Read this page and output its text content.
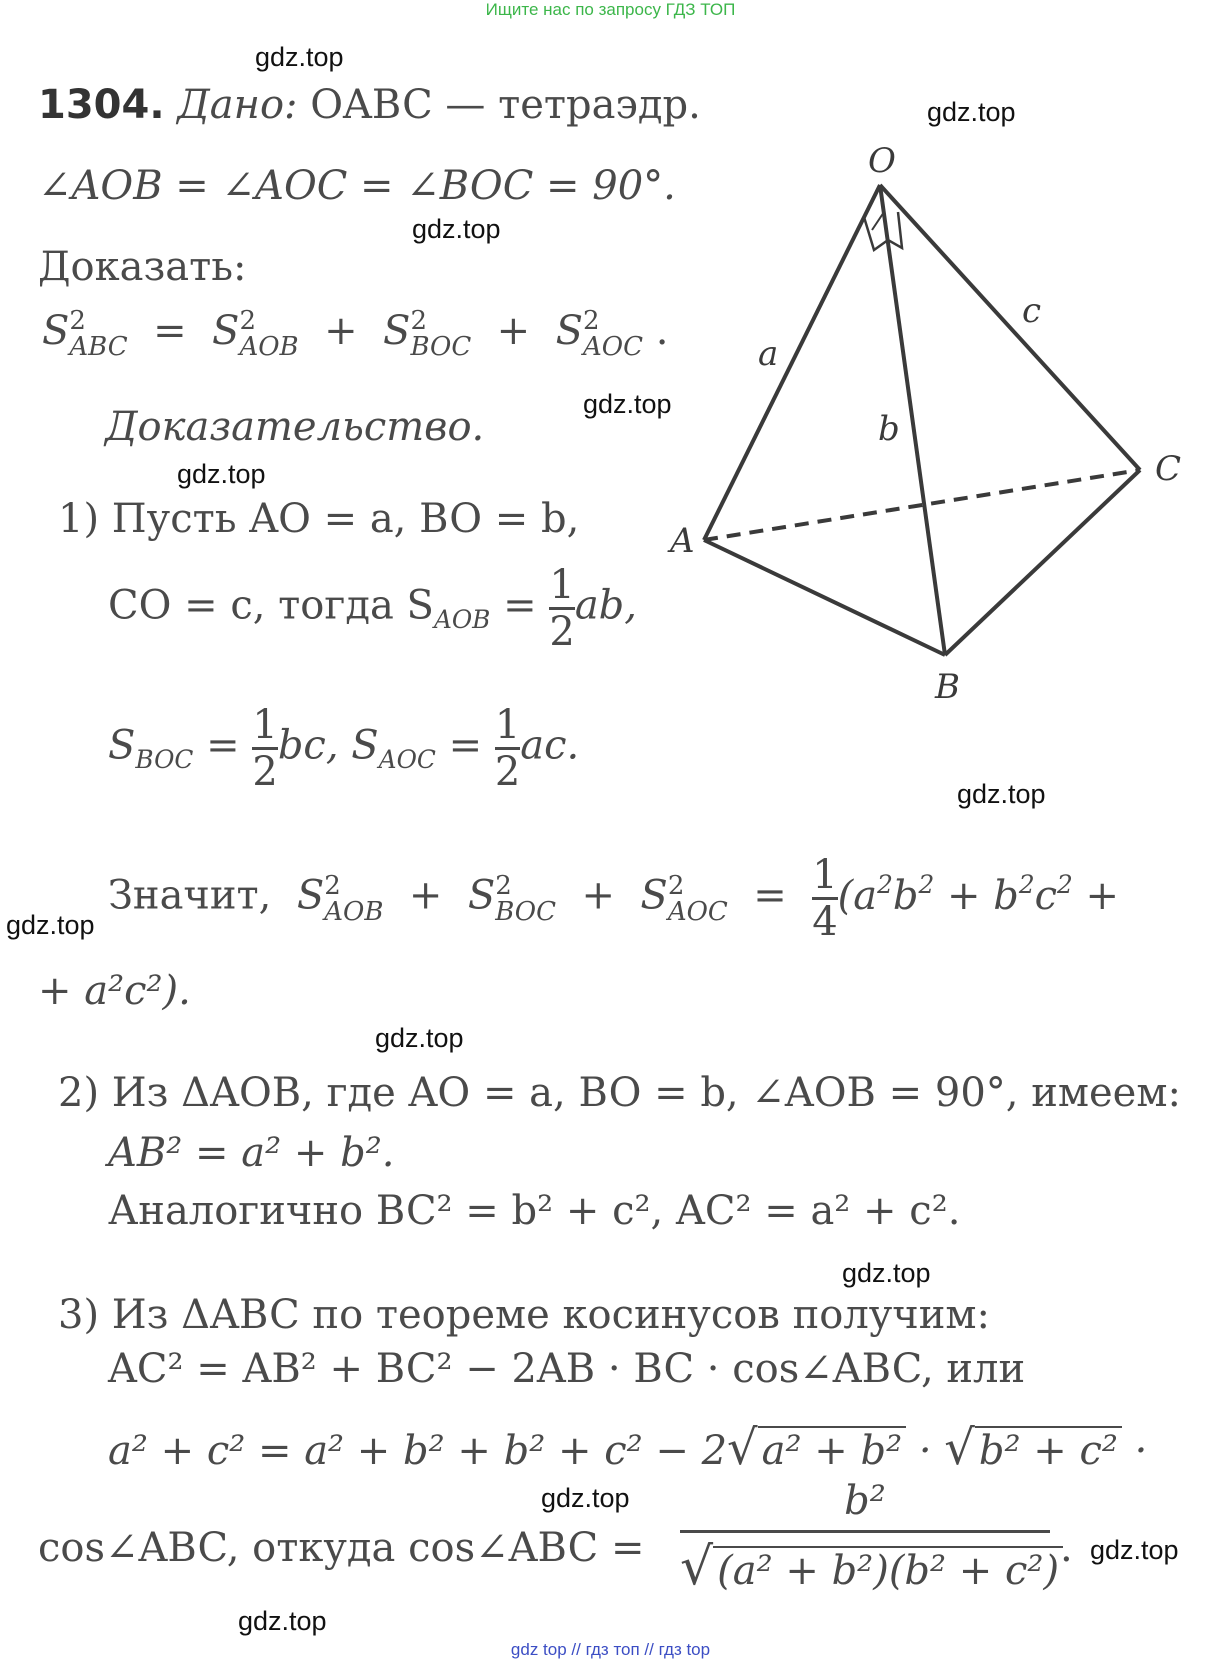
Ищите нас по запросу ГДЗ ТОП
gdz top // гдз топ // гдз top
gdz.top
gdz.top
gdz.top
gdz.top
gdz.top
gdz.top
gdz.top
gdz.top
gdz.top
gdz.top
gdz.top
gdz.top
1304. Дано: OABC — тетраэдр.
∠AOB = ∠AOC = ∠BOC = 90°.
Доказать:
S 2
ABC =  S 2
AOB +  S 2
BOC +  S 2
AOC .
Доказательство.
1) Пусть AO = a, BO = b,
CO = c, тогда $S_{AOB} = \frac{1}{2}$ ab,
$S_{BOC} = \frac{1}{2}$ bc, $S_{AOC} = \frac{1}{2}$ ac.
Значит, S 2
AOB +  S 2
BOC +  S 2
AOC = $\frac{1}{4} (a^2b^2 + b^2c^2$ +
+ a²c²).
2) Из ΔAOB, где AO = a, BO = b, ∠AOB = 90°, имеем:
AB² = a² + b².
Аналогично BC² = b² + c², AC² = a² + c².
3) Из ΔABC по теореме косинусов получим:
AC² = AB² + BC² − 2AB · BC · cos∠ABC, или
a² + c² = a² + b² + b² + c² − 2√ a² + b² · √ b² + c² ·
cos∠ABC, откуда cos∠ABC =
b²
√ (a² + b²)(b² + c²) .
O
A
B
C
a
b
c
